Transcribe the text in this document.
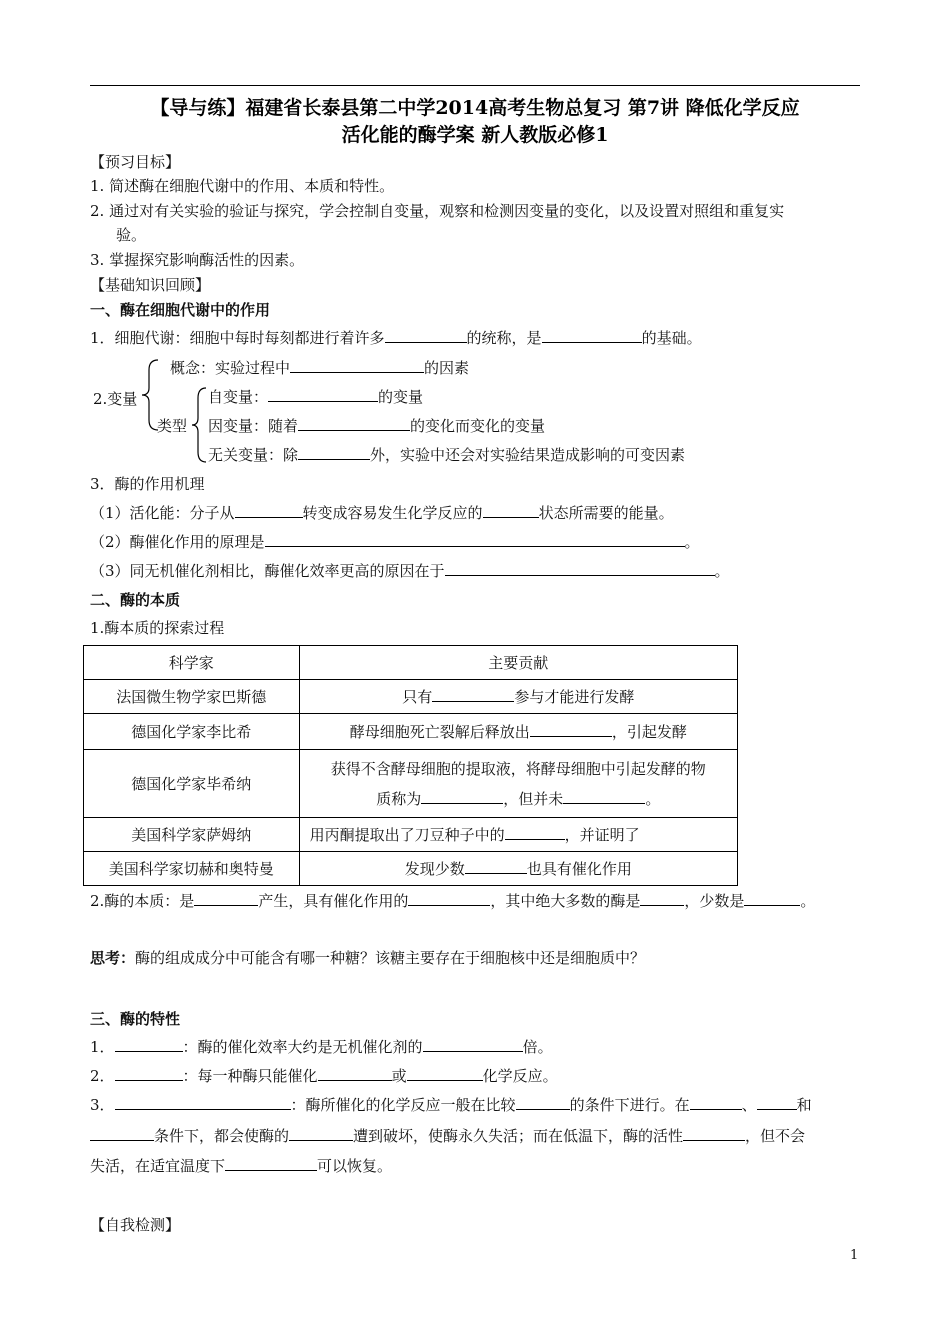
【导与练】福建省长泰县第二中学2014高考生物总复习 第7讲 降低化学反应
活化能的酶学案 新人教版必修1
【预习目标】
1. 简述酶在细胞代谢中的作用、本质和特性。
2. 通过对有关实验的验证与探究，学会控制自变量，观察和检测因变量的变化，以及设置对照组和重复实
验。
3. 掌握探究影响酶活性的因素。
【基础知识回顾】
一、酶在细胞代谢中的作用
1．细胞代谢：细胞中每时每刻都进行着许多	的统称，是	的基础。
2.变量
概念：实验过程中	的因素
类型
自变量：	的变量
因变量：随着	的变化而变化的变量
无关变量：除	外，实验中还会对实验结果造成影响的可变因素
3．酶的作用机理
（1）活化能：分子从	转变成容易发生化学反应的	状态所需要的能量。
（2）酶催化作用的原理是	。
（3）同无机催化剂相比，酶催化效率更高的原因在于	。
二、酶的本质
1.酶本质的探索过程
科学家	主要贡献
法国微生物学家巴斯德	只有 参与才能进行发酵
德国化学家李比希	酵母细胞死亡裂解后释放出 ，引起发酵
德国化学家毕希纳	获得不含酵母细胞的提取液，将酵母细胞中引起发酵的物
质称为 ，但并未 。

美国科学家萨姆纳	用丙酮提取出了刀豆种子中的 ，并证明了
美国科学家切赫和奥特曼	发现少数 也具有催化作用
2.酶的本质：是	产生，具有催化作用的	，其中绝大多数的酶是	，少数是	。
思考：酶的组成成分中可能含有哪一种糖？该糖主要存在于细胞核中还是细胞质中？
三、酶的特性
1．	：酶的催化效率大约是无机催化剂的	倍。
2．	：每一种酶只能催化	或	化学反应。
3．	：酶所催化的化学反应一般在比较	的条件下进行。在	、	和
条件下，都会使酶的	遭到破坏，使酶永久失活；而在低温下，酶的活性	，但不会
失活，在适宜温度下	可以恢复。
【自我检测】
1
